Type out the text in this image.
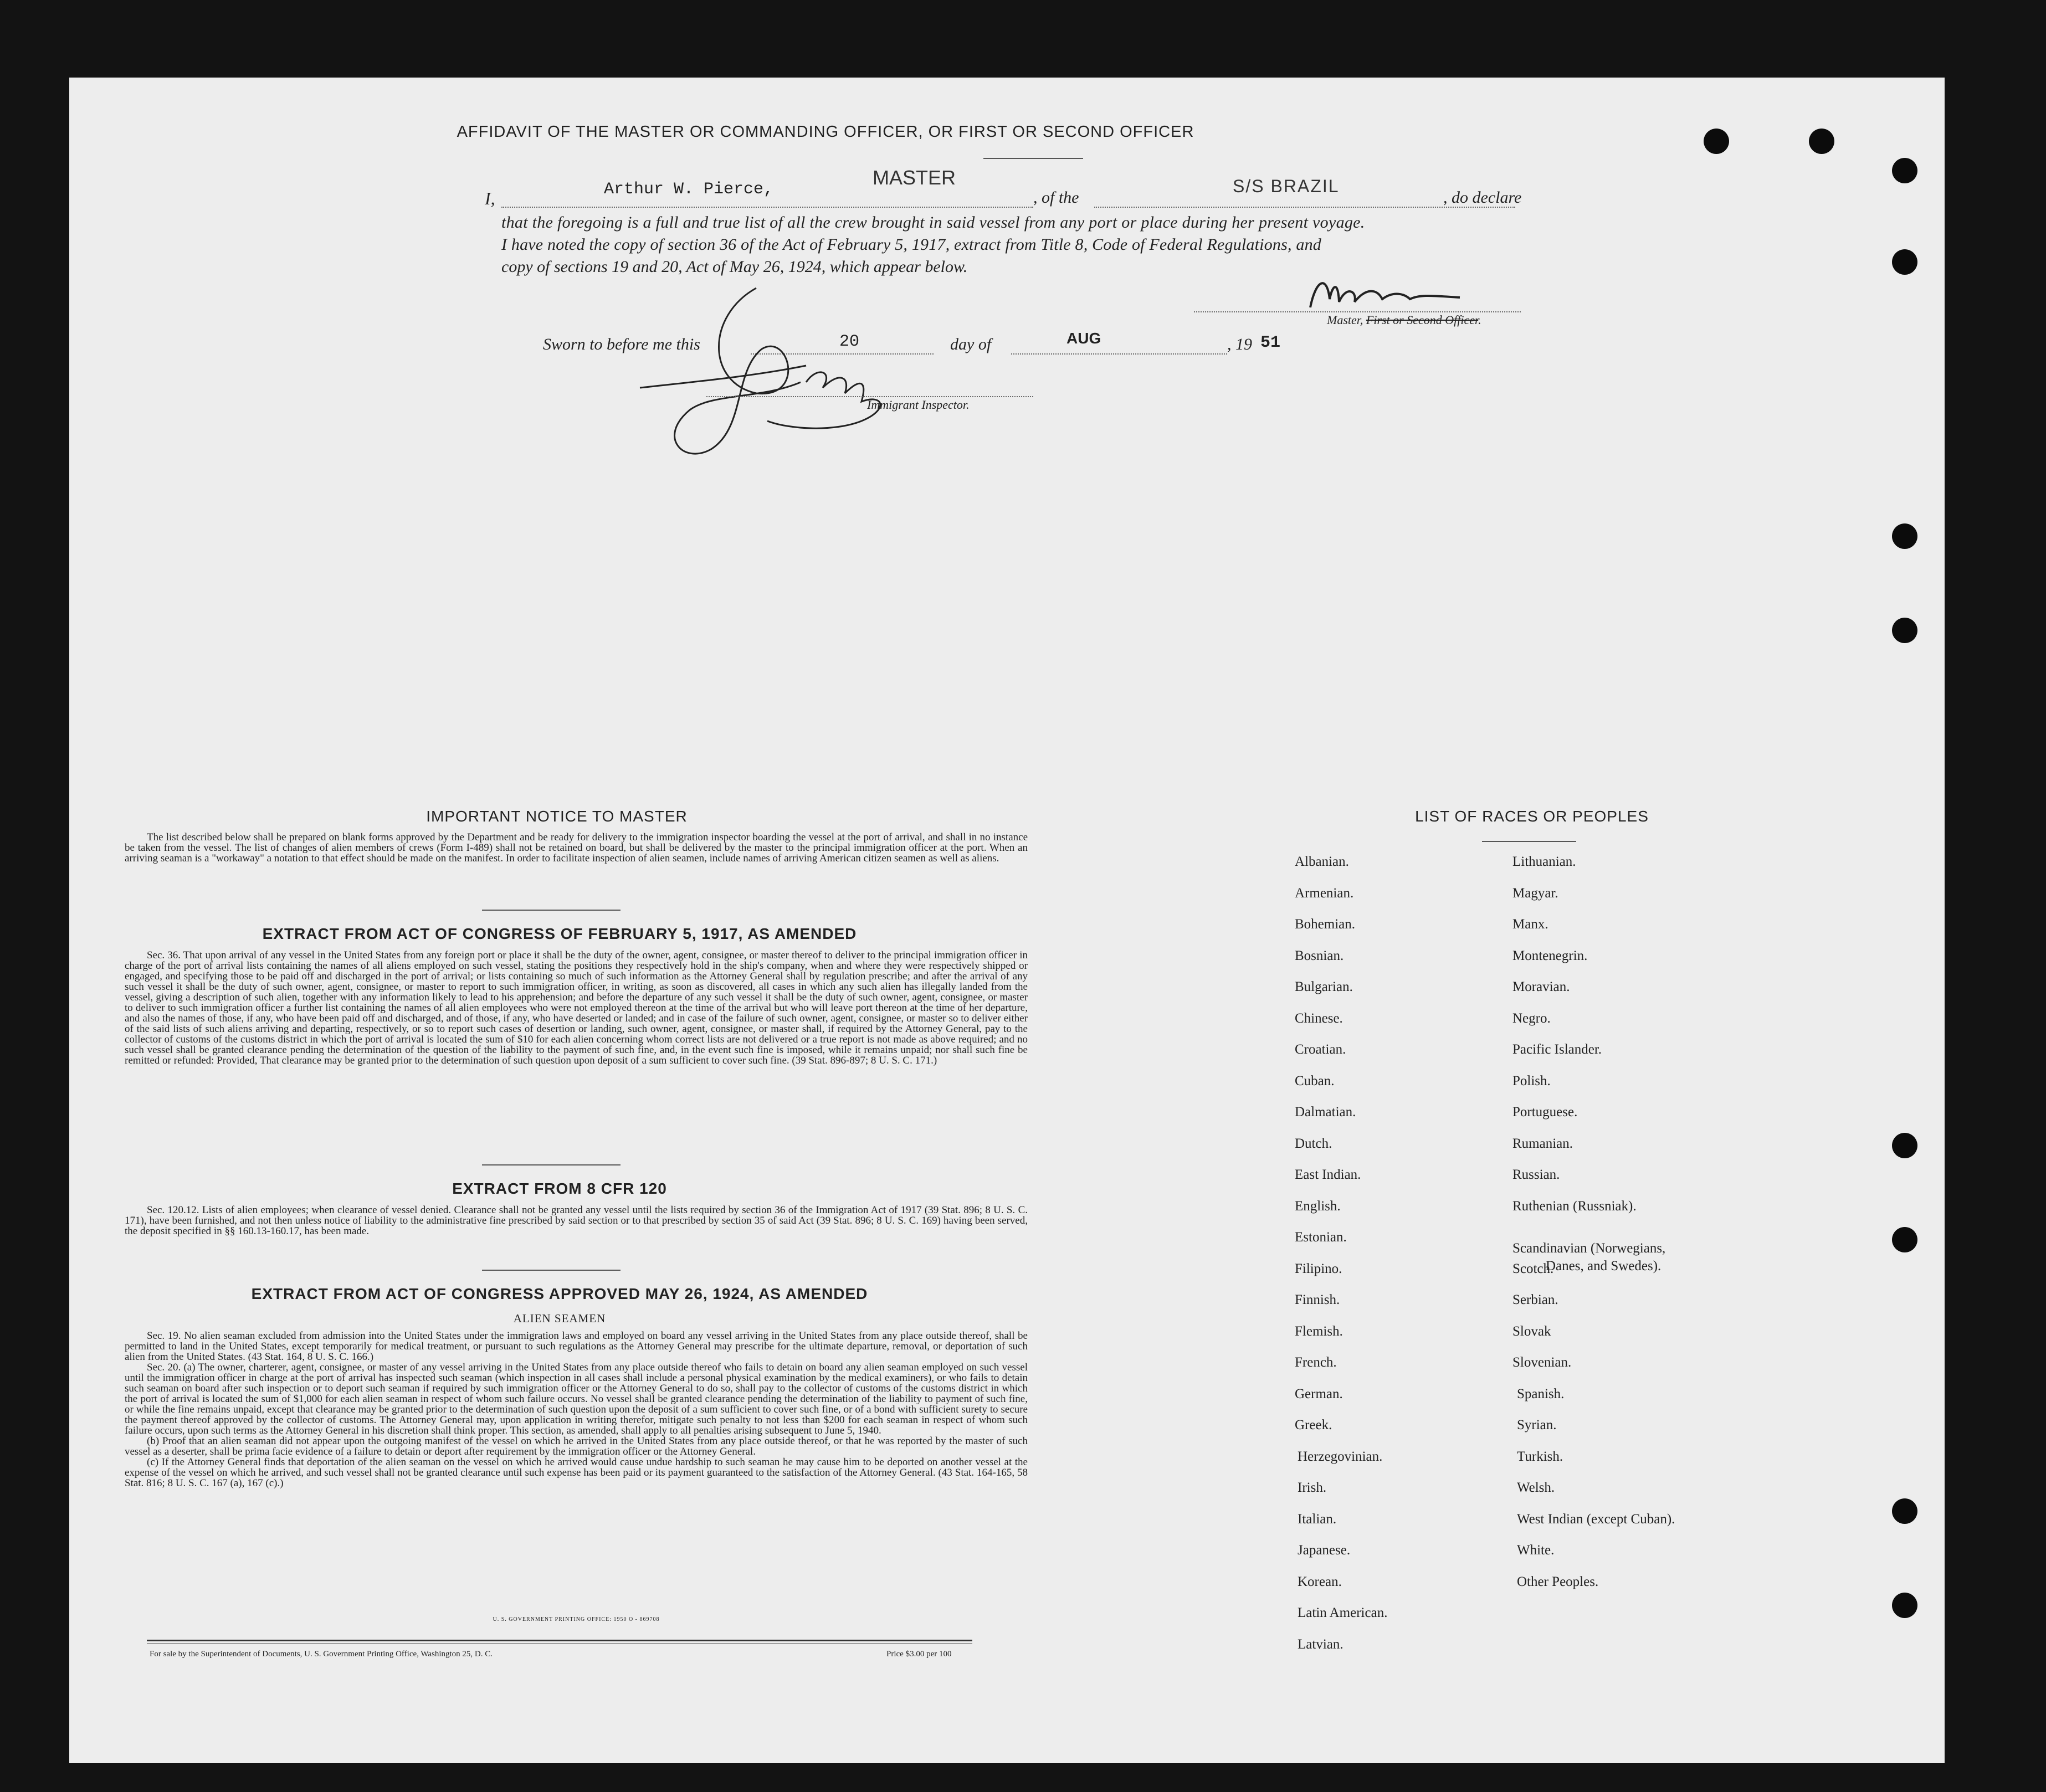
AFFIDAVIT OF THE MASTER OR COMMANDING OFFICER, OR FIRST OR SECOND OFFICER
I,	Arthur W. Pierce,
MASTER
, of the
S/S BRAZIL
, do declare
that the foregoing is a full and true list of all the crew brought in said vessel from any port or place during her present voyage.
I have noted the copy of section 36 of the Act of February 5, 1917, extract from Title 8, Code of Federal Regulations, and
copy of sections 19 and 20, Act of May 26, 1924, which appear below.
Master, First or Second Officer.
Sworn to before me this	20	day of	AUG	, 19 51
Immigrant Inspector.
IMPORTANT NOTICE TO MASTER

The list described below shall be prepared on blank forms approved by the Department and be ready for delivery to the immigration inspector boarding the vessel at the port of arrival, and shall in no instance be taken from the vessel. The list of changes of alien members of crews (Form I-489) shall not be retained on board, but shall be delivered by the master to the principal immigration officer at the port. When an arriving seaman is a "workaway" a notation to that effect should be made on the manifest. In order to facilitate inspection of alien seamen, include names of arriving American citizen seamen as well as aliens.

EXTRACT FROM ACT OF CONGRESS OF FEBRUARY 5, 1917, AS AMENDED

Sec. 36. That upon arrival of any vessel in the United States from any foreign port or place it shall be the duty of the owner, agent, consignee, or master thereof to deliver to the principal immigration officer in charge of the port of arrival lists containing the names of all aliens employed on such vessel, stating the positions they respectively hold in the ship's company, when and where they were respectively shipped or engaged, and specifying those to be paid off and discharged in the port of arrival; or lists containing so much of such information as the Attorney General shall by regulation prescribe; and after the arrival of any such vessel it shall be the duty of such owner, agent, consignee, or master to report to such immigration officer, in writing, as soon as discovered, all cases in which any such alien has illegally landed from the vessel, giving a description of such alien, together with any information likely to lead to his apprehension; and before the departure of any such vessel it shall be the duty of such owner, agent, consignee, or master to deliver to such immigration officer a further list containing the names of all alien employees who were not employed thereon at the time of the arrival but who will leave port thereon at the time of her departure, and also the names of those, if any, who have been paid off and discharged, and of those, if any, who have deserted or landed; and in case of the failure of such owner, agent, consignee, or master so to deliver either of the said lists of such aliens arriving and departing, respectively, or so to report such cases of desertion or landing, such owner, agent, consignee, or master shall, if required by the Attorney General, pay to the collector of customs of the customs district in which the port of arrival is located the sum of $10 for each alien concerning whom correct lists are not delivered or a true report is not made as above required; and no such vessel shall be granted clearance pending the determination of the question of the liability to the payment of such fine, and, in the event such fine is imposed, while it remains unpaid; nor shall such fine be remitted or refunded: Provided, That clearance may be granted prior to the determination of such question upon deposit of a sum sufficient to cover such fine. (39 Stat. 896-897; 8 U. S. C. 171.)

EXTRACT FROM 8 CFR 120

Sec. 120.12. Lists of alien employees; when clearance of vessel denied. Clearance shall not be granted any vessel until the lists required by section 36 of the Immigration Act of 1917 (39 Stat. 896; 8 U. S. C. 171), have been furnished, and not then unless notice of liability to the administrative fine prescribed by said section or to that prescribed by section 35 of said Act (39 Stat. 896; 8 U. S. C. 169) having been served, the deposit specified in §§ 160.13-160.17, has been made.

EXTRACT FROM ACT OF CONGRESS APPROVED MAY 26, 1924, AS AMENDED
ALIEN SEAMEN

Sec. 19. No alien seaman excluded from admission into the United States under the immigration laws and employed on board any vessel arriving in the United States from any place outside thereof, shall be permitted to land in the United States, except temporarily for medical treatment, or pursuant to such regulations as the Attorney General may prescribe for the ultimate departure, removal, or deportation of such alien from the United States. (43 Stat. 164, 8 U. S. C. 166.)

Sec. 20. (a) The owner, charterer, agent, consignee, or master of any vessel arriving in the United States from any place outside thereof who fails to detain on board any alien seaman employed on such vessel until the immigration officer in charge at the port of arrival has inspected such seaman (which inspection in all cases shall include a personal physical examination by the medical examiners), or who fails to detain such seaman on board after such inspection or to deport such seaman if required by such immigration officer or the Attorney General to do so, shall pay to the collector of customs of the customs district in which the port of arrival is located the sum of $1,000 for each alien seaman in respect of whom such failure occurs. No vessel shall be granted clearance pending the determination of the liability to payment of such fine, or while the fine remains unpaid, except that clearance may be granted prior to the determination of such question upon the deposit of a sum sufficient to cover such fine, or of a bond with sufficient surety to secure the payment thereof approved by the collector of customs. The Attorney General may, upon application in writing therefor, mitigate such penalty to not less than $200 for each seaman in respect of whom such failure occurs, upon such terms as the Attorney General in his discretion shall think proper. This section, as amended, shall apply to all penalties arising subsequent to June 5, 1940.

(b) Proof that an alien seaman did not appear upon the outgoing manifest of the vessel on which he arrived in the United States from any place outside thereof, or that he was reported by the master of such vessel as a deserter, shall be prima facie evidence of a failure to detain or deport after requirement by the immigration officer or the Attorney General.

(c) If the Attorney General finds that deportation of the alien seaman on the vessel on which he arrived would cause undue hardship to such seaman he may cause him to be deported on another vessel at the expense of the vessel on which he arrived, and such vessel shall not be granted clearance until such expense has been paid or its payment guaranteed to the satisfaction of the Attorney General. (43 Stat. 164-165, 58 Stat. 816; 8 U. S. C. 167 (a), 167 (c).)

U. S. GOVERNMENT PRINTING OFFICE: 1950 O - 869708
For sale by the Superintendent of Documents, U. S. Government Printing Office, Washington 25, D. C.	Price $3.00 per 100
LIST OF RACES OR PEOPLES
Albanian.
Armenian.
Bohemian.
Bosnian.
Bulgarian.
Chinese.
Croatian.
Cuban.
Dalmatian.
Dutch.
East Indian.
English.
Estonian.
Filipino.
Finnish.
Flemish.
French.
German.
Greek.
Herzegovinian.
Irish.
Italian.
Japanese.
Korean.
Latin American.
Latvian.
Lithuanian.
Magyar.
Manx.
Montenegrin.
Moravian.
Negro.
Pacific Islander.
Polish.
Portuguese.
Rumanian.
Russian.
Ruthenian (Russniak).
Scandinavian (Norwegians,
Danes, and Swedes).
Scotch.
Serbian.
Slovak
Slovenian.
Spanish.
Syrian.
Turkish.
Welsh.
West Indian (except Cuban).
White.
Other Peoples.
